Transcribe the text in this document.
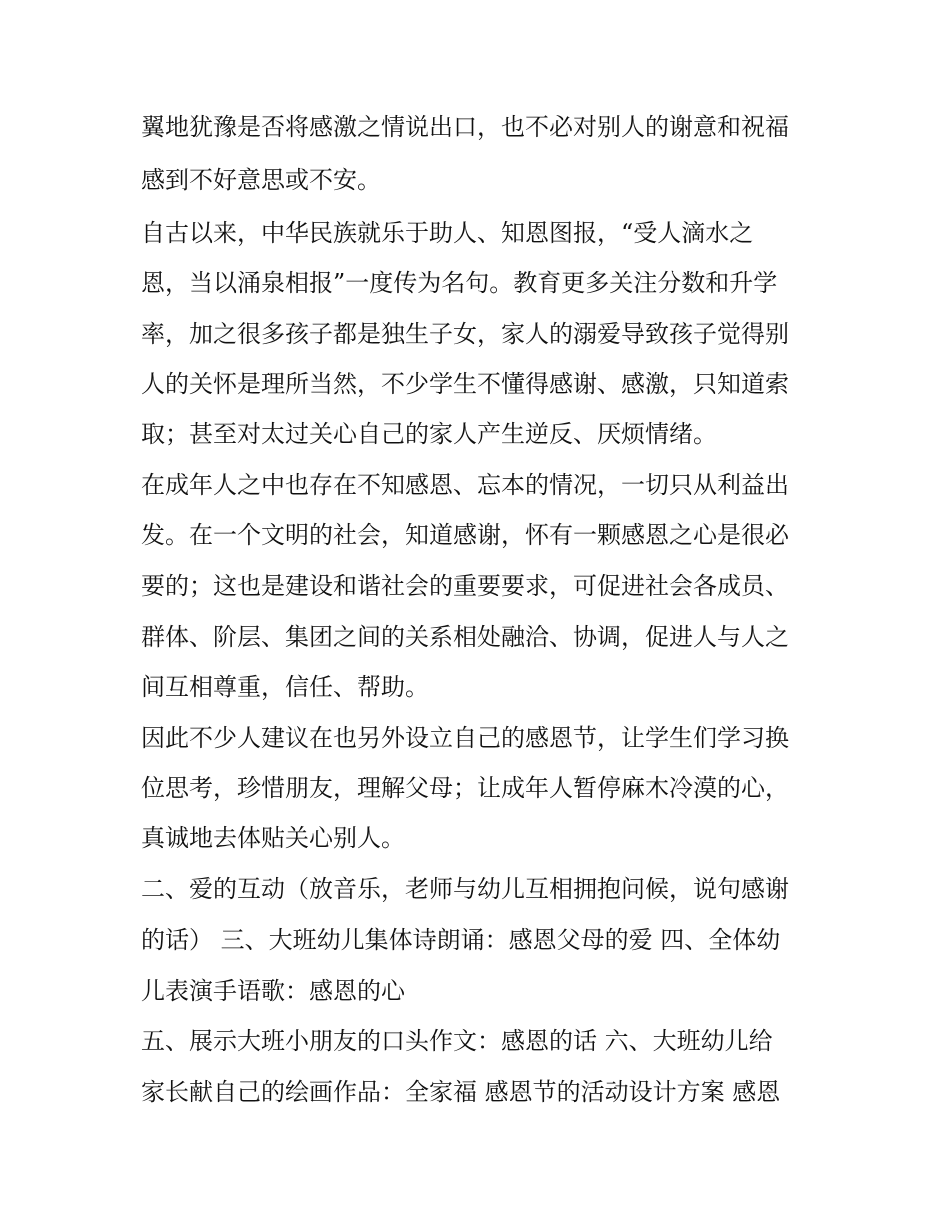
翼地犹豫是否将感激之情说出口，也不必对别人的谢意和祝福
感到不好意思或不安。
自古以来，中华民族就乐于助人、知恩图报，“受人滴水之
恩，当以涌泉相报”一度传为名句。教育更多关注分数和升学
率，加之很多孩子都是独生子女，家人的溺爱导致孩子觉得别
人的关怀是理所当然，不少学生不懂得感谢、感激，只知道索
取；甚至对太过关心自己的家人产生逆反、厌烦情绪。
在成年人之中也存在不知感恩、忘本的情况，一切只从利益出
发。在一个文明的社会，知道感谢，怀有一颗感恩之心是很必
要的；这也是建设和谐社会的重要要求，可促进社会各成员、
群体、阶层、集团之间的关系相处融洽、协调，促进人与人之
间互相尊重，信任、帮助。
因此不少人建议在也另外设立自己的感恩节，让学生们学习换
位思考，珍惜朋友，理解父母；让成年人暂停麻木冷漠的心，
真诚地去体贴关心别人。
二、爱的互动（放音乐，老师与幼儿互相拥抱问候，说句感谢
的话） 三、大班幼儿集体诗朗诵：感恩父母的爱 四、全体幼
儿表演手语歌：感恩的心
五、展示大班小朋友的口头作文：感恩的话 六、大班幼儿给
家长献自己的绘画作品：全家福 感恩节的活动设计方案 感恩
